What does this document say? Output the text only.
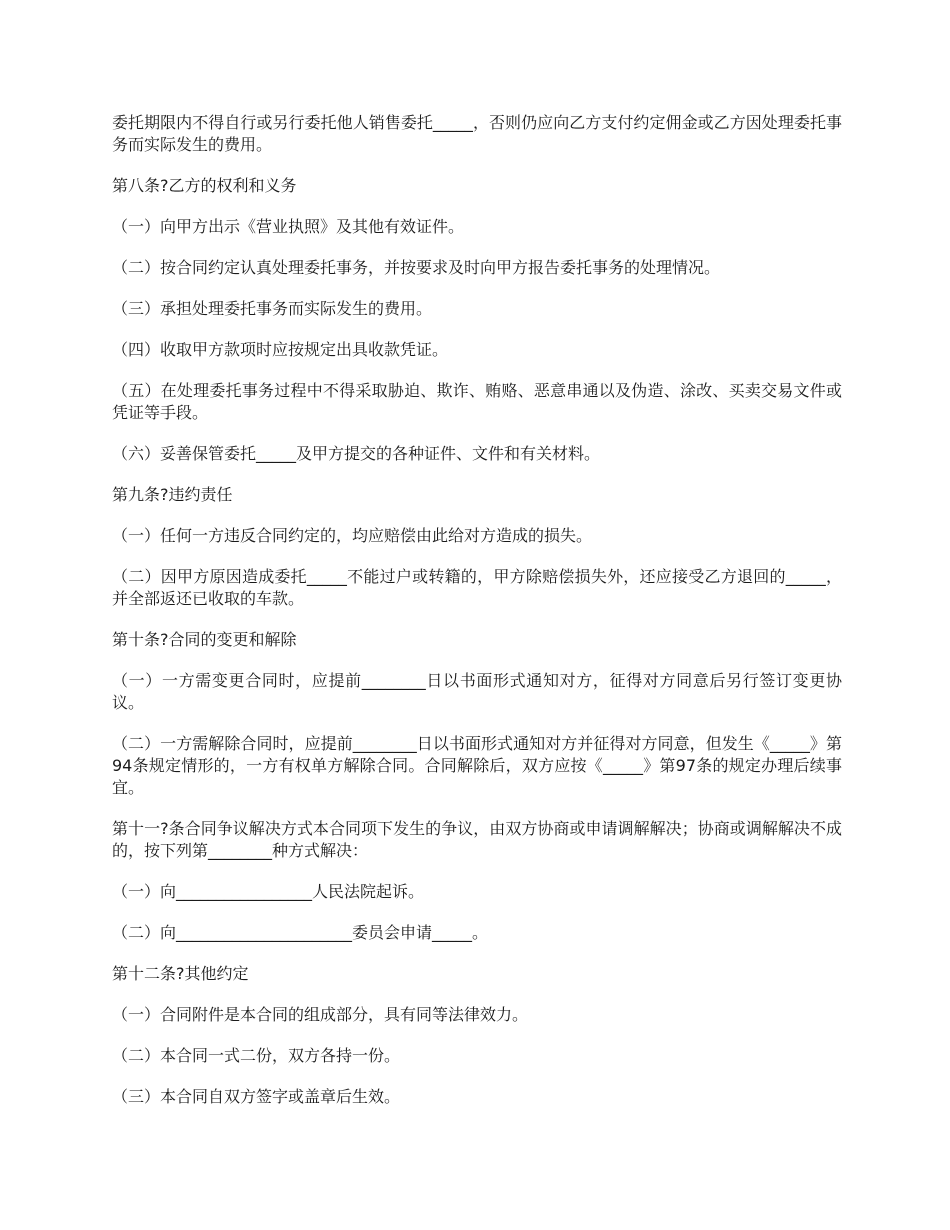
委托期限内不得自行或另行委托他人销售委托_____，否则仍应向乙方支付约定佣金或乙方因处理委托事务而实际发生的费用。

第八条?乙方的权利和义务

（一）向甲方出示《营业执照》及其他有效证件。

（二）按合同约定认真处理委托事务，并按要求及时向甲方报告委托事务的处理情况。

（三）承担处理委托事务而实际发生的费用。

（四）收取甲方款项时应按规定出具收款凭证。

（五）在处理委托事务过程中不得采取胁迫、欺诈、贿赂、恶意串通以及伪造、涂改、买卖交易文件或凭证等手段。

（六）妥善保管委托_____及甲方提交的各种证件、文件和有关材料。

第九条?违约责任

（一）任何一方违反合同约定的，均应赔偿由此给对方造成的损失。

（二）因甲方原因造成委托_____不能过户或转籍的，甲方除赔偿损失外，还应接受乙方退回的_____，并全部返还已收取的车款。

第十条?合同的变更和解除

（一）一方需变更合同时，应提前________日以书面形式通知对方，征得对方同意后另行签订变更协议。

（二）一方需解除合同时，应提前________日以书面形式通知对方并征得对方同意，但发生《_____》第94条规定情形的，一方有权单方解除合同。合同解除后，双方应按《_____》第97条的规定办理后续事宜。

第十一?条合同争议解决方式本合同项下发生的争议，由双方协商或申请调解解决；协商或调解解决不成的，按下列第________种方式解决：

（一）向_________________人民法院起诉。

（二）向______________________委员会申请_____。

第十二条?其他约定

（一）合同附件是本合同的组成部分，具有同等法律效力。

（二）本合同一式二份，双方各持一份。

（三）本合同自双方签字或盖章后生效。
